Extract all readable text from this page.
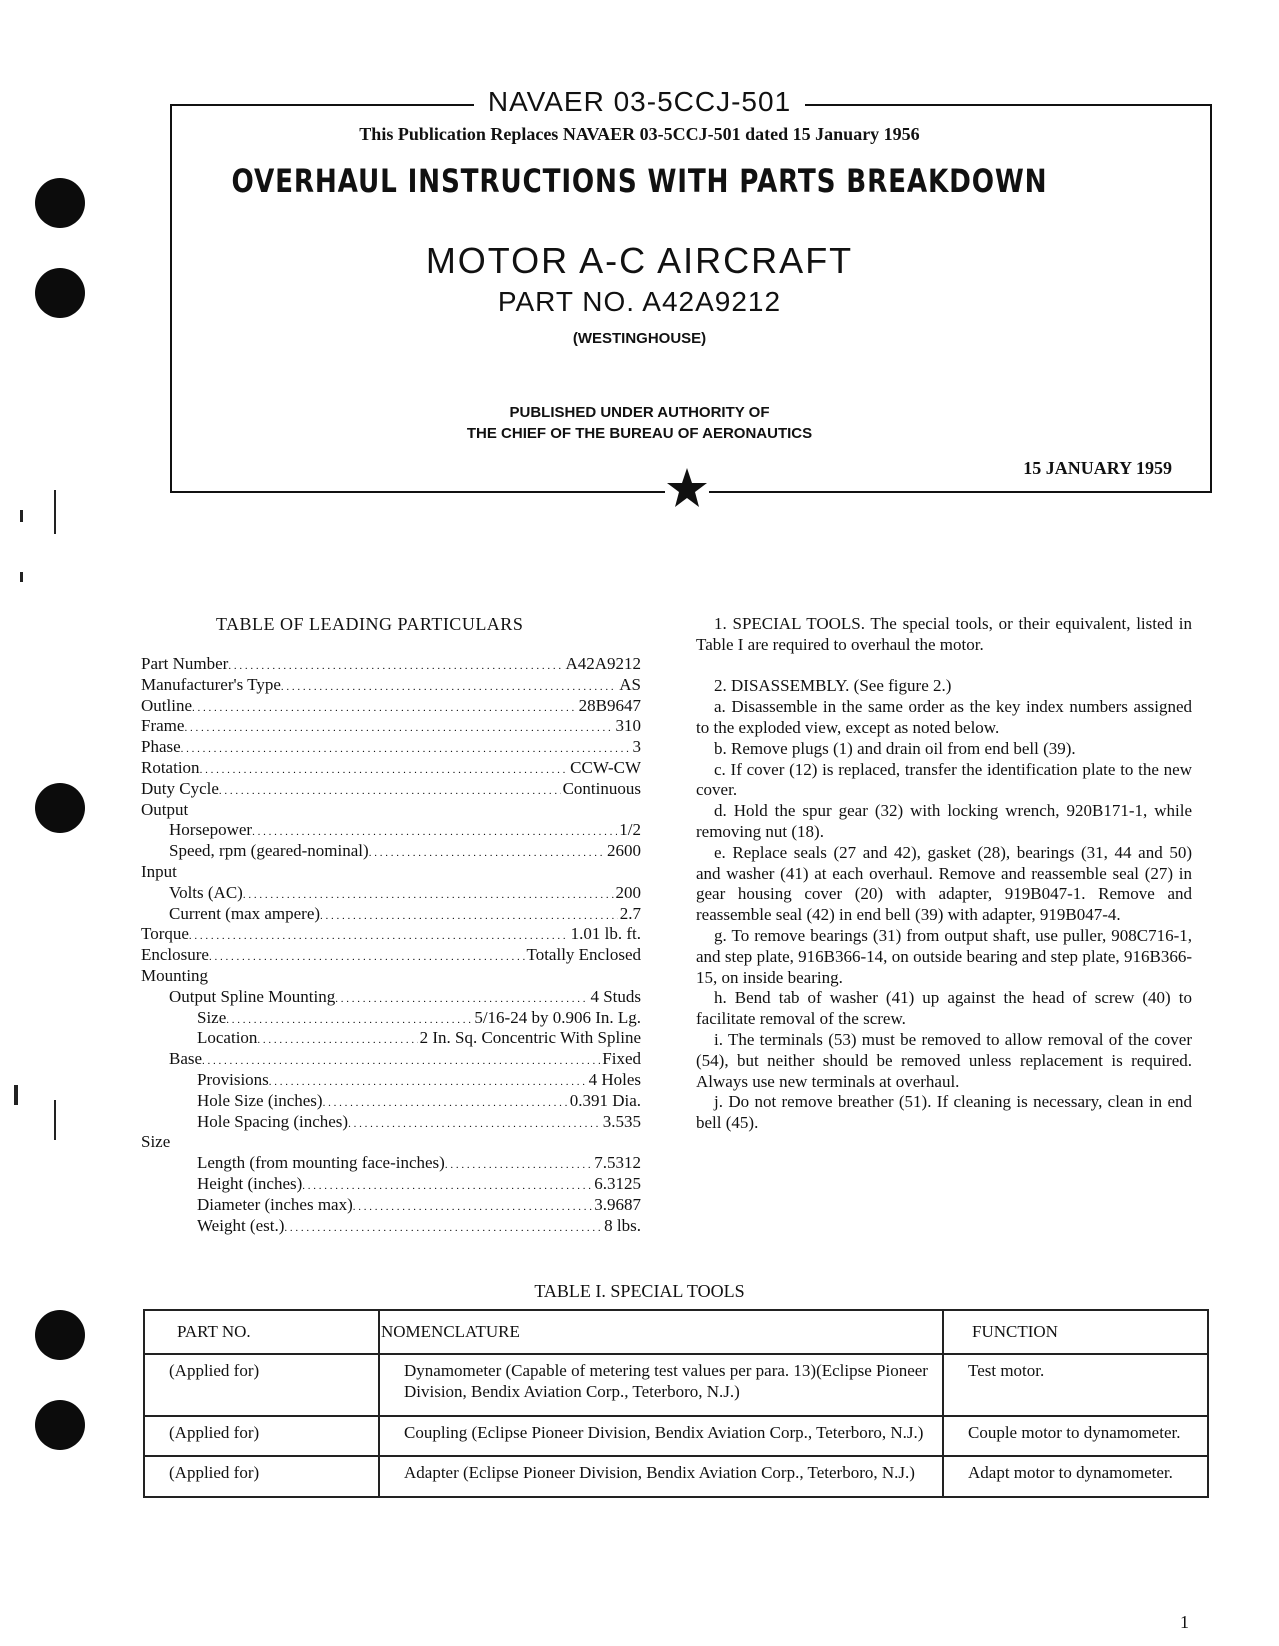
NAVAER 03-5CCJ-501
This Publication Replaces NAVAER 03-5CCJ-501 dated 15 January 1956
OVERHAUL INSTRUCTIONS WITH PARTS BREAKDOWN
MOTOR A-C AIRCRAFT
PART NO. A42A9212
(WESTINGHOUSE)
PUBLISHED UNDER AUTHORITY OF
THE CHIEF OF THE BUREAU OF AERONAUTICS
15 JANUARY 1959
TABLE OF LEADING PARTICULARS
Part Number . . .	A42A9212
Manufacturer's Type . . .	AS
Outline . . .	28B9647
Frame . . .	310
Phase . . .	3
Rotation . . .	CCW-CW
Duty Cycle . . .	Continuous
Output
Horsepower . . .	1/2
Speed, rpm (geared-nominal) . . .	2600
Input
Volts (AC) . . .	200
Current (max ampere) . . .	2.7
Torque . . .	1.01 lb. ft.
Enclosure . . .	Totally Enclosed
Mounting
Output Spline Mounting . . .	4 Studs
Size . . .	5/16-24 by 0.906 In. Lg.
Location . . .	2 In. Sq. Concentric With Spline
Base . . .	Fixed
Provisions . . .	4 Holes
Hole Size (inches) . . .	0.391 Dia.
Hole Spacing (inches) . . .	3.535
Size
Length (from mounting face-inches) . . .	7.5312
Height (inches) . . .	6.3125
Diameter (inches max) . . .	3.9687
Weight (est.) . . .	8 lbs.

1. SPECIAL TOOLS. The special tools, or their equivalent, listed in Table I are required to overhaul the motor.

2. DISASSEMBLY. (See figure 2.)

a. Disassemble in the same order as the key index numbers assigned to the exploded view, except as noted below.

b. Remove plugs (1) and drain oil from end bell (39).

c. If cover (12) is replaced, transfer the identification plate to the new cover.

d. Hold the spur gear (32) with locking wrench, 920B171-1, while removing nut (18).

e. Replace seals (27 and 42), gasket (28), bearings (31, 44 and 50) and washer (41) at each overhaul. Remove and reassemble seal (27) in gear housing cover (20) with adapter, 919B047-1. Remove and reassemble seal (42) in end bell (39) with adapter, 919B047-4.

g. To remove bearings (31) from output shaft, use puller, 908C716-1, and step plate, 916B366-14, on outside bearing and step plate, 916B366-15, on inside bearing.

h. Bend tab of washer (41) up against the head of screw (40) to facilitate removal of the screw.

i. The terminals (53) must be removed to allow removal of the cover (54), but neither should be removed unless replacement is required. Always use new terminals at overhaul.

j. Do not remove breather (51). If cleaning is necessary, clean in end bell (45).

TABLE I. SPECIAL TOOLS
PART NO.	NOMENCLATURE	FUNCTION
(Applied for)	Dynamometer (Capable of metering test values per para. 13)(Eclipse Pioneer Division, Bendix Aviation Corp., Teterboro, N.J.)	Test motor.
(Applied for)	Coupling (Eclipse Pioneer Division, Bendix Aviation Corp., Teterboro, N.J.)	Couple motor to dynamometer.
(Applied for)	Adapter (Eclipse Pioneer Division, Bendix Aviation Corp., Teterboro, N.J.)	Adapt motor to dynamometer.
1
